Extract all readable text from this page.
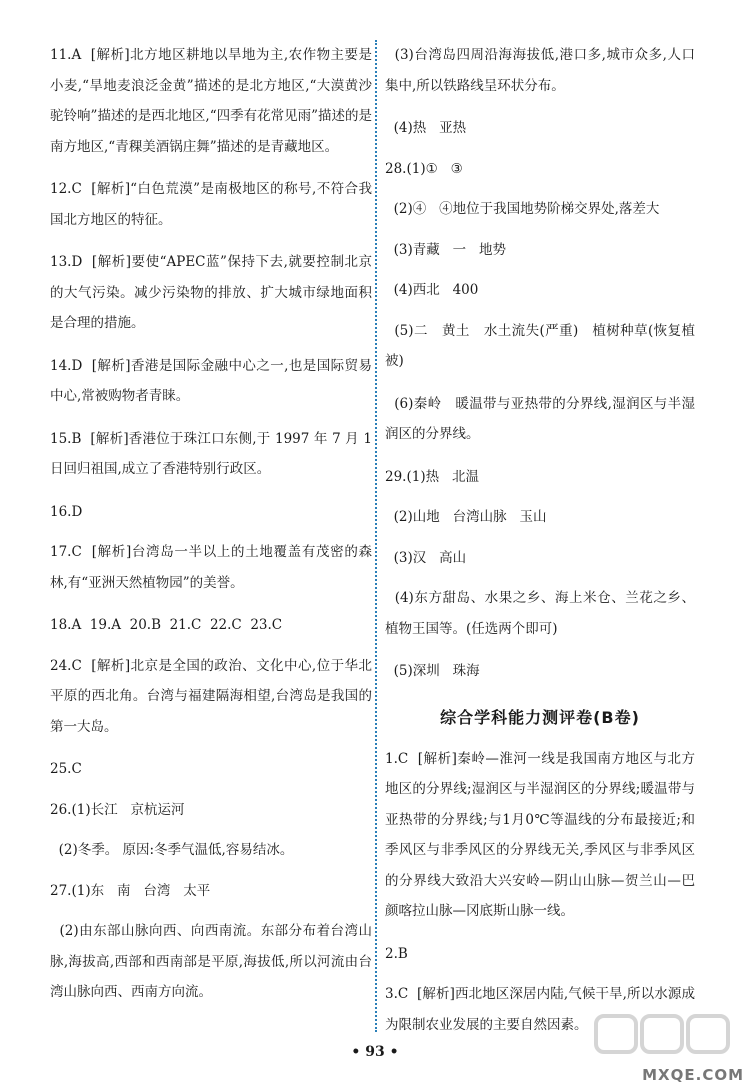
11.A  [解析]北方地区耕地以旱地为主,农作物主要是小麦,“旱地麦浪泛金黄”描述的是北方地区,“大漠黄沙驼铃响”描述的是西北地区,“四季有花常见雨”描述的是南方地区,“青稞美酒锅庄舞”描述的是青藏地区。

12.C  [解析]“白色荒漠”是南极地区的称号,不符合我国北方地区的特征。

13.D  [解析]要使“APEC蓝”保持下去,就要控制北京的大气污染。减少污染物的排放、扩大城市绿地面积是合理的措施。

14.D  [解析]香港是国际金融中心之一,也是国际贸易中心,常被购物者青睐。

15.B  [解析]香港位于珠江口东侧,于 1997 年 7 月 1 日回归祖国,成立了香港特别行政区。

16.D

17.C  [解析]台湾岛一半以上的土地覆盖有茂密的森林,有“亚洲天然植物园”的美誉。

18.A  19.A  20.B  21.C  22.C  23.C

24.C  [解析]北京是全国的政治、文化中心,位于华北平原的西北角。台湾与福建隔海相望,台湾岛是我国的第一大岛。

25.C

26.(1)长江   京杭运河

(2)冬季。 原因:冬季气温低,容易结冰。

27.(1)东   南   台湾   太平

(2)由东部山脉向西、向西南流。东部分布着台湾山脉,海拔高,西部和西南部是平原,海拔低,所以河流由台湾山脉向西、西南方向流。

(3)台湾岛四周沿海海拔低,港口多,城市众多,人口集中,所以铁路线呈环状分布。

(4)热   亚热

28.(1)①   ③

(2)④   ④地位于我国地势阶梯交界处,落差大

(3)青藏   一   地势

(4)西北   400

(5)二   黄土   水土流失(严重)   植树种草(恢复植被)

(6)秦岭   暖温带与亚热带的分界线,湿润区与半湿润区的分界线。

29.(1)热   北温

(2)山地   台湾山脉   玉山

(3)汉   高山

(4)东方甜岛、水果之乡、海上米仓、兰花之乡、植物王国等。(任选两个即可)

(5)深圳   珠海

综合学科能力测评卷(B卷)

1.C  [解析]秦岭—淮河一线是我国南方地区与北方地区的分界线;湿润区与半湿润区的分界线;暖温带与亚热带的分界线;与1月0℃等温线的分布最接近;和季风区与非季风区的分界线无关,季风区与非季风区的分界线大致沿大兴安岭—阴山山脉—贺兰山—巴颜喀拉山脉—冈底斯山脉一线。

2.B

3.C  [解析]西北地区深居内陆,气候干旱,所以水源成为限制农业发展的主要自然因素。

• 93 •
MXQE.COM
